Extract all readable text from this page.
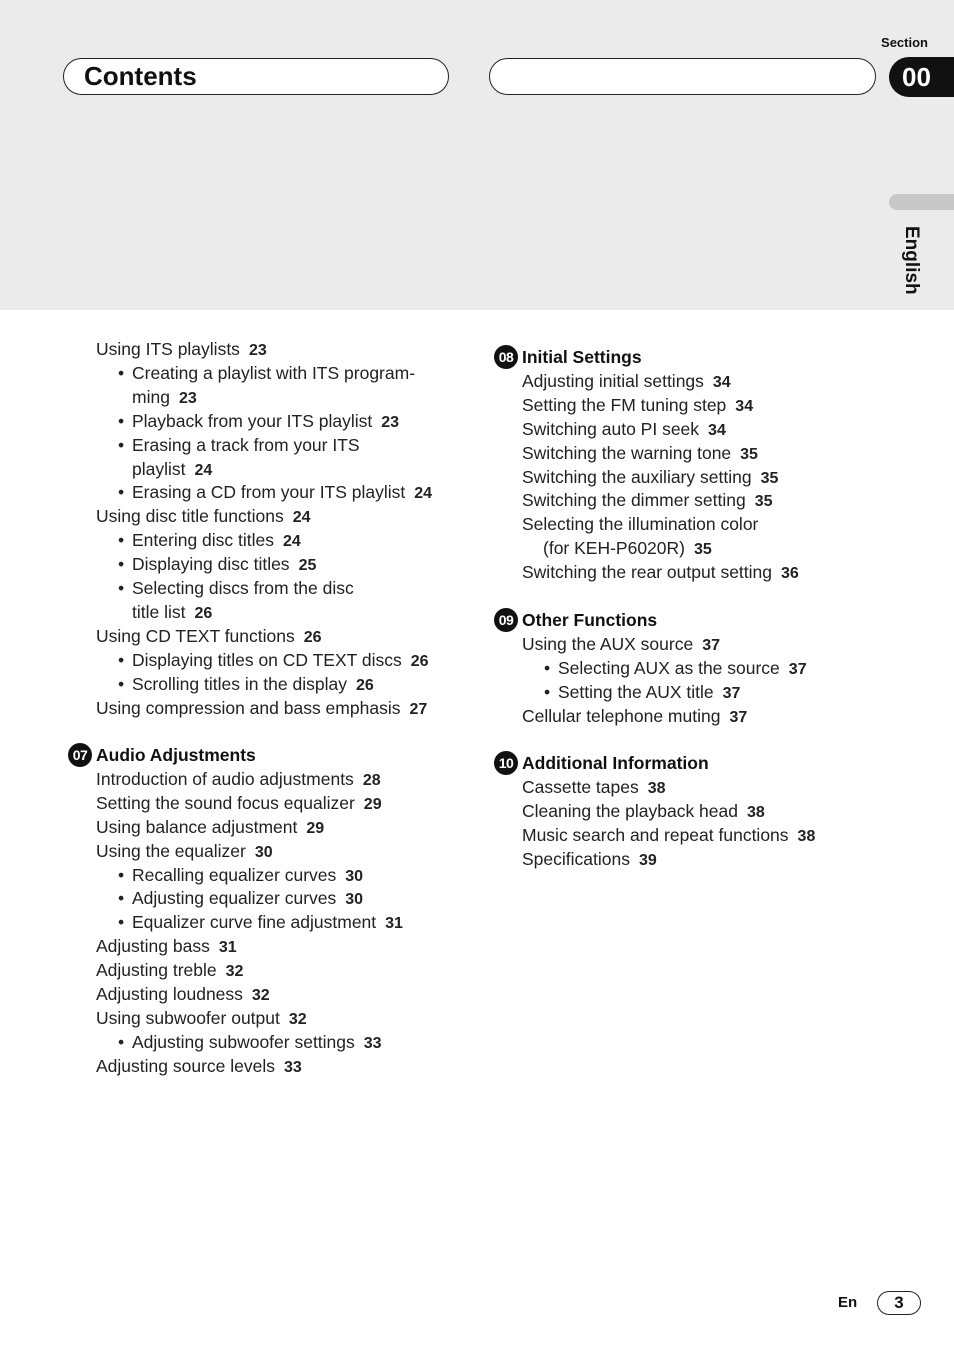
Contents
Section
00
English
Using ITS playlists 23
• Creating a playlist with ITS program-
ming 23
• Playback from your ITS playlist 23
• Erasing a track from your ITS
playlist 24
• Erasing a CD from your ITS playlist 24
Using disc title functions 24
• Entering disc titles 24
• Displaying disc titles 25
• Selecting discs from the disc
title list 26
Using CD TEXT functions 26
• Displaying titles on CD TEXT discs 26
• Scrolling titles in the display 26
Using compression and bass emphasis 27
07 Audio Adjustments
Introduction of audio adjustments 28
Setting the sound focus equalizer 29
Using balance adjustment 29
Using the equalizer 30
• Recalling equalizer curves 30
• Adjusting equalizer curves 30
• Equalizer curve fine adjustment 31
Adjusting bass 31
Adjusting treble 32
Adjusting loudness 32
Using subwoofer output 32
• Adjusting subwoofer settings 33
Adjusting source levels 33
08 Initial Settings
Adjusting initial settings 34
Setting the FM tuning step 34
Switching auto PI seek 34
Switching the warning tone 35
Switching the auxiliary setting 35
Switching the dimmer setting 35
Selecting the illumination color
(for KEH-P6020R) 35
Switching the rear output setting 36
09 Other Functions
Using the AUX source 37
• Selecting AUX as the source 37
• Setting the AUX title 37
Cellular telephone muting 37
10 Additional Information
Cassette tapes 38
Cleaning the playback head 38
Music search and repeat functions 38
Specifications 39
En	3
